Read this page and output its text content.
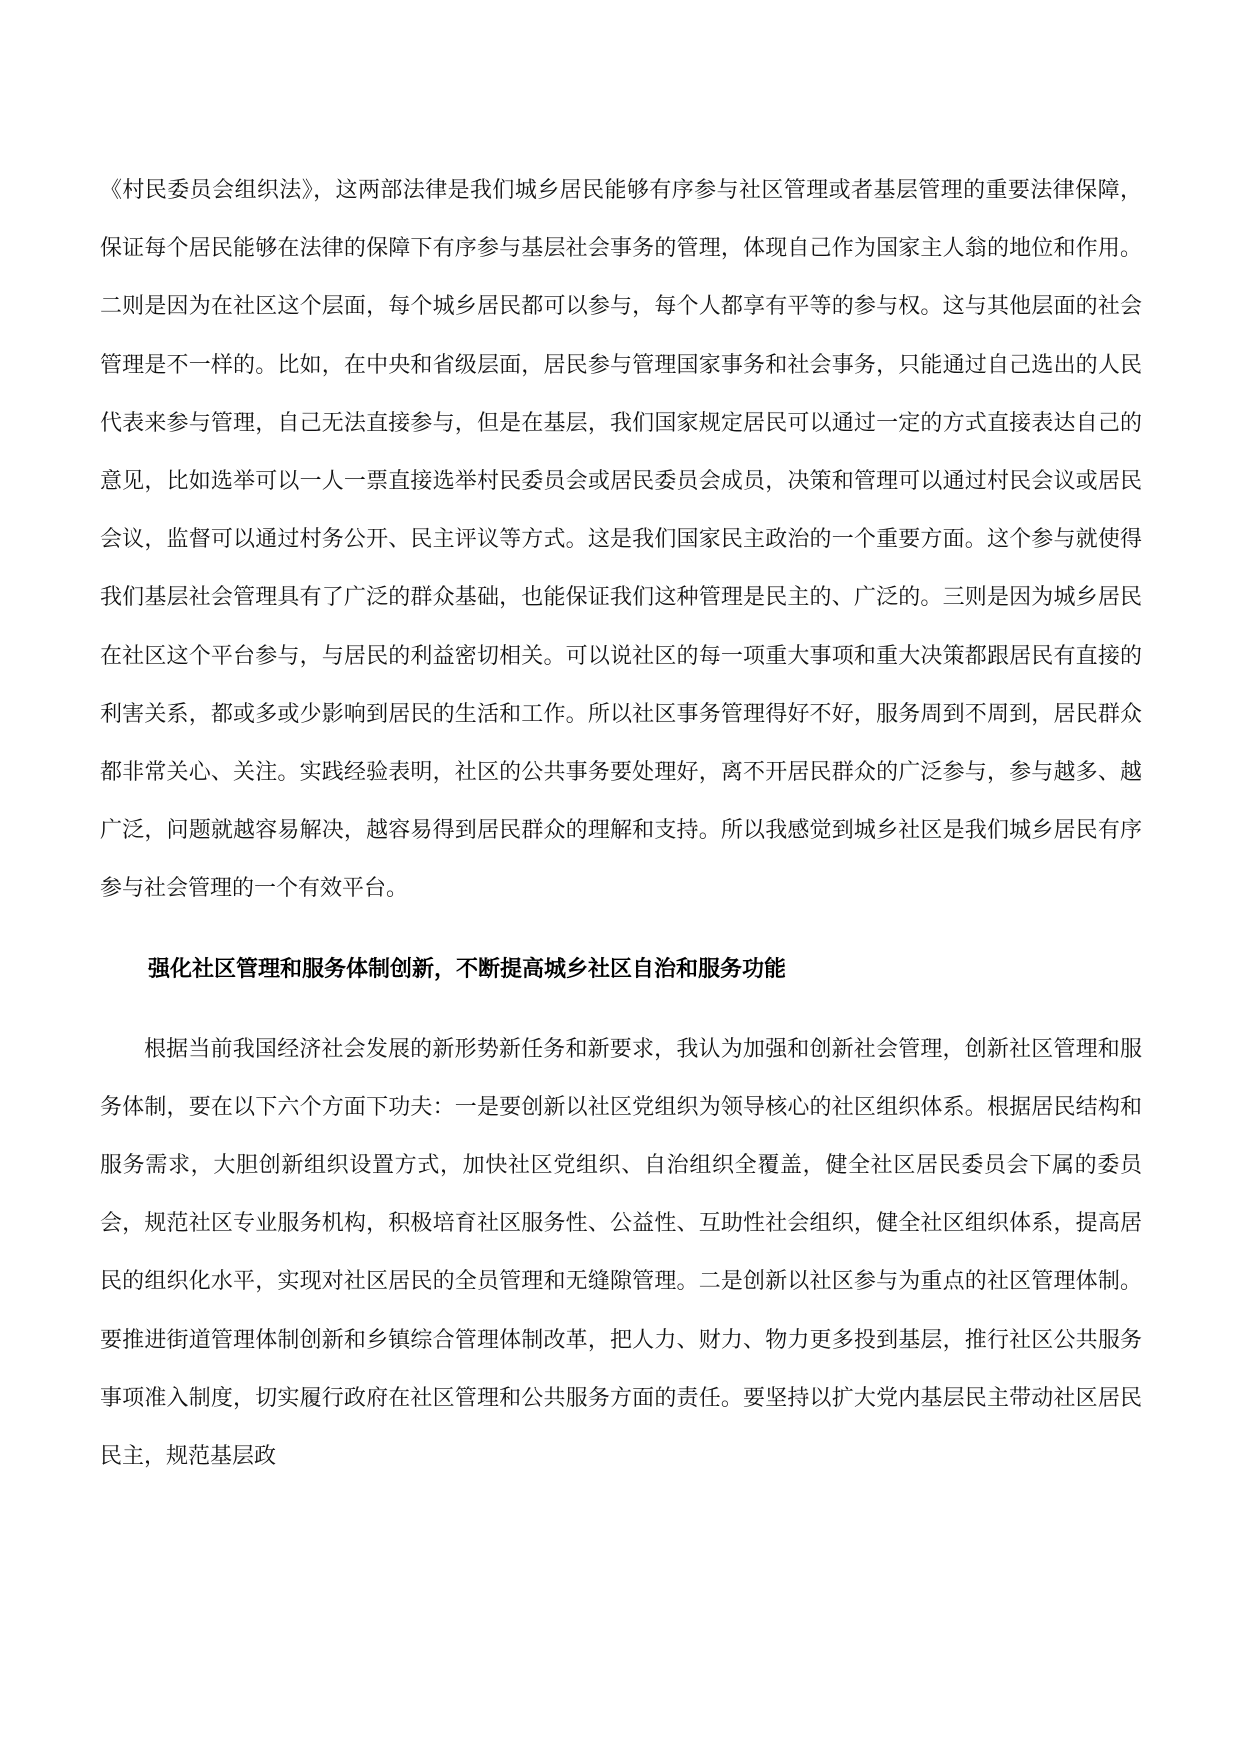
《村民委员会组织法》，这两部法律是我们城乡居民能够有序参与社区管理或者基层管理的重要法律保障，保证每个居民能够在法律的保障下有序参与基层社会事务的管理，体现自己作为国家主人翁的地位和作用。二则是因为在社区这个层面，每个城乡居民都可以参与，每个人都享有平等的参与权。这与其他层面的社会管理是不一样的。比如，在中央和省级层面，居民参与管理国家事务和社会事务，只能通过自己选出的人民代表来参与管理，自己无法直接参与，但是在基层，我们国家规定居民可以通过一定的方式直接表达自己的意见，比如选举可以一人一票直接选举村民委员会或居民委员会成员，决策和管理可以通过村民会议或居民会议，监督可以通过村务公开、民主评议等方式。这是我们国家民主政治的一个重要方面。这个参与就使得我们基层社会管理具有了广泛的群众基础，也能保证我们这种管理是民主的、广泛的。三则是因为城乡居民在社区这个平台参与，与居民的利益密切相关。可以说社区的每一项重大事项和重大决策都跟居民有直接的利害关系，都或多或少影响到居民的生活和工作。所以社区事务管理得好不好，服务周到不周到，居民群众都非常关心、关注。实践经验表明，社区的公共事务要处理好，离不开居民群众的广泛参与，参与越多、越广泛，问题就越容易解决，越容易得到居民群众的理解和支持。所以我感觉到城乡社区是我们城乡居民有序参与社会管理的一个有效平台。

强化社区管理和服务体制创新，不断提高城乡社区自治和服务功能

根据当前我国经济社会发展的新形势新任务和新要求，我认为加强和创新社会管理，创新社区管理和服务体制，要在以下六个方面下功夫：一是要创新以社区党组织为领导核心的社区组织体系。根据居民结构和服务需求，大胆创新组织设置方式，加快社区党组织、自治组织全覆盖，健全社区居民委员会下属的委员会，规范社区专业服务机构，积极培育社区服务性、公益性、互助性社会组织，健全社区组织体系，提高居民的组织化水平，实现对社区居民的全员管理和无缝隙管理。二是创新以社区参与为重点的社区管理体制。要推进街道管理体制创新和乡镇综合管理体制改革，把人力、财力、物力更多投到基层，推行社区公共服务事项准入制度，切实履行政府在社区管理和公共服务方面的责任。要坚持以扩大党内基层民主带动社区居民民主，规范基层政
